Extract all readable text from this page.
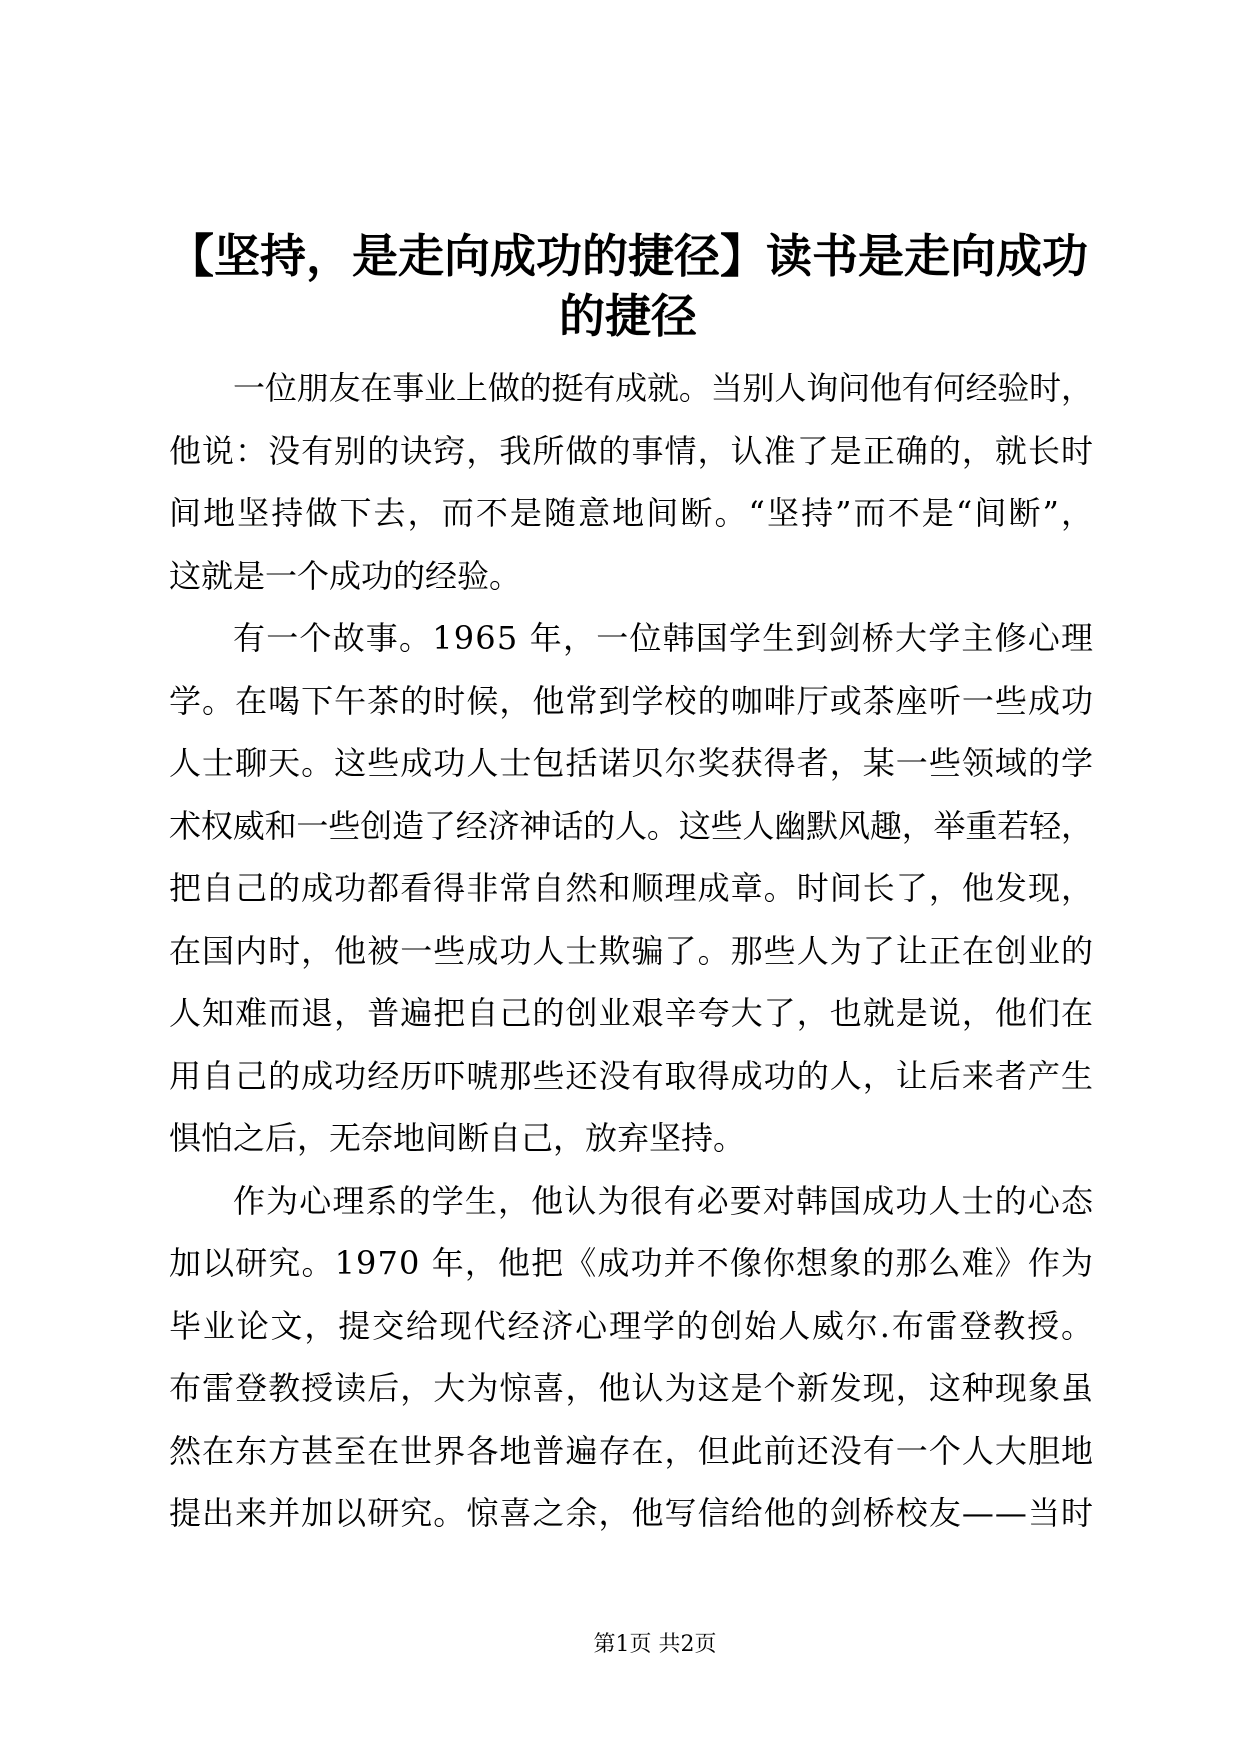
【坚持，是走向成功的捷径】读书是走向成功
的捷径
一位朋友在事业上做的挺有成就。当别人询问他有何经验时，
他说：没有别的诀窍，我所做的事情，认准了是正确的，就长时
间地坚持做下去，而不是随意地间断。“坚持”而不是“间断”，
这就是一个成功的经验。
有一个故事。1965 年，一位韩国学生到剑桥大学主修心理
学。在喝下午茶的时候，他常到学校的咖啡厅或茶座听一些成功
人士聊天。这些成功人士包括诺贝尔奖获得者，某一些领域的学
术权威和一些创造了经济神话的人。这些人幽默风趣，举重若轻，
把自己的成功都看得非常自然和顺理成章。时间长了，他发现，
在国内时，他被一些成功人士欺骗了。那些人为了让正在创业的
人知难而退，普遍把自己的创业艰辛夸大了，也就是说，他们在
用自己的成功经历吓唬那些还没有取得成功的人，让后来者产生
惧怕之后，无奈地间断自己，放弃坚持。
作为心理系的学生，他认为很有必要对韩国成功人士的心态
加以研究。1970 年，他把《成功并不像你想象的那么难》作为
毕业论文，提交给现代经济心理学的创始人威尔.布雷登教授。
布雷登教授读后，大为惊喜，他认为这是个新发现，这种现象虽
然在东方甚至在世界各地普遍存在，但此前还没有一个人大胆地
提出来并加以研究。惊喜之余，他写信给他的剑桥校友——当时
第1页 共2页
